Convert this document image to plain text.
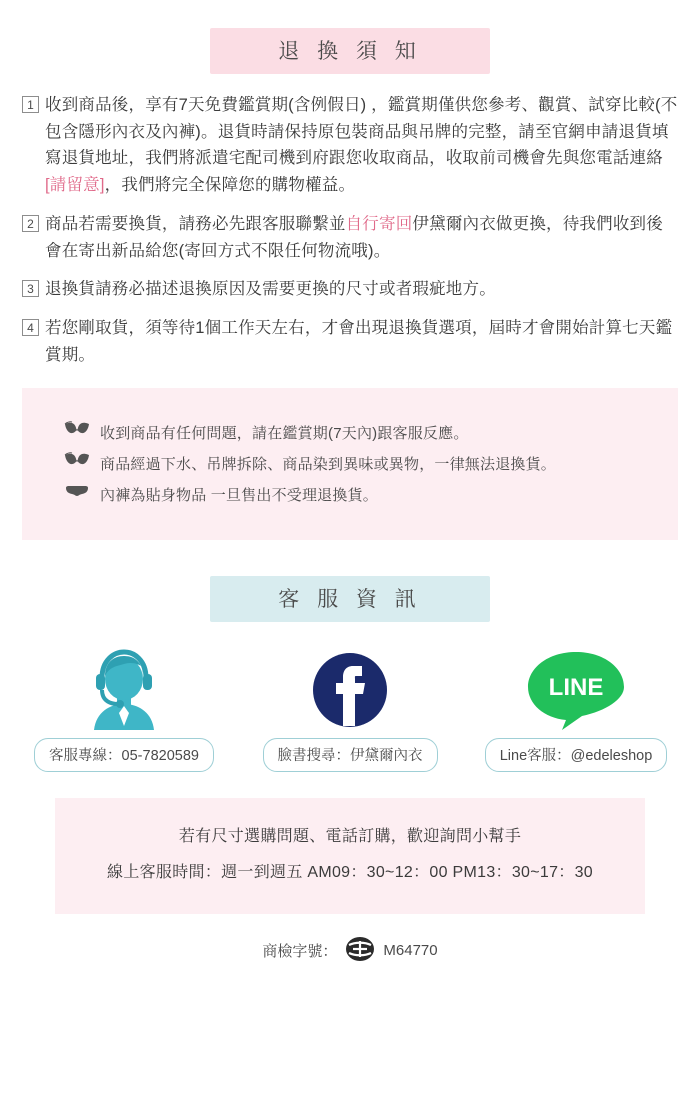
退 換 須 知
1 收到商品後，享有7天免費鑑賞期(含例假日) ，鑑賞期僅供您參考、觀賞、試穿比較(不包含隱形內衣及內褲)。退貨時請保持原包裝商品與吊牌的完整，請至官網申請退貨填寫退貨地址，我們將派遣宅配司機到府跟您收取商品，收取前司機會先與您電話連絡[請留意]，我們將完全保障您的購物權益。
2 商品若需要換貨，請務必先跟客服聯繫並自行寄回伊黛爾內衣做更換，待我們收到後會在寄出新品給您(寄回方式不限任何物流哦)。
3 退換貨請務必描述退換原因及需要更換的尺寸或者瑕疵地方。
4 若您剛取貨，須等待1個工作天左右，才會出現退換貨選項，屆時才會開始計算七天鑑賞期。
收到商品有任何問題，請在鑑賞期(7天內)跟客服反應。
商品經過下水、吊牌拆除、商品染到異味或異物，一律無法退換貨。
內褲為貼身物品 一旦售出不受理退換貨。
客 服 資 訊
客服專線：05-7820589	臉書搜尋：伊黛爾內衣
LINE
Line客服：@edeleshop
若有尺寸選購問題、電話訂購，歡迎詢問小幫手
線上客服時間：週一到週五 AM09：30~12：00 PM13：30~17：30
商檢字號：	M64770
